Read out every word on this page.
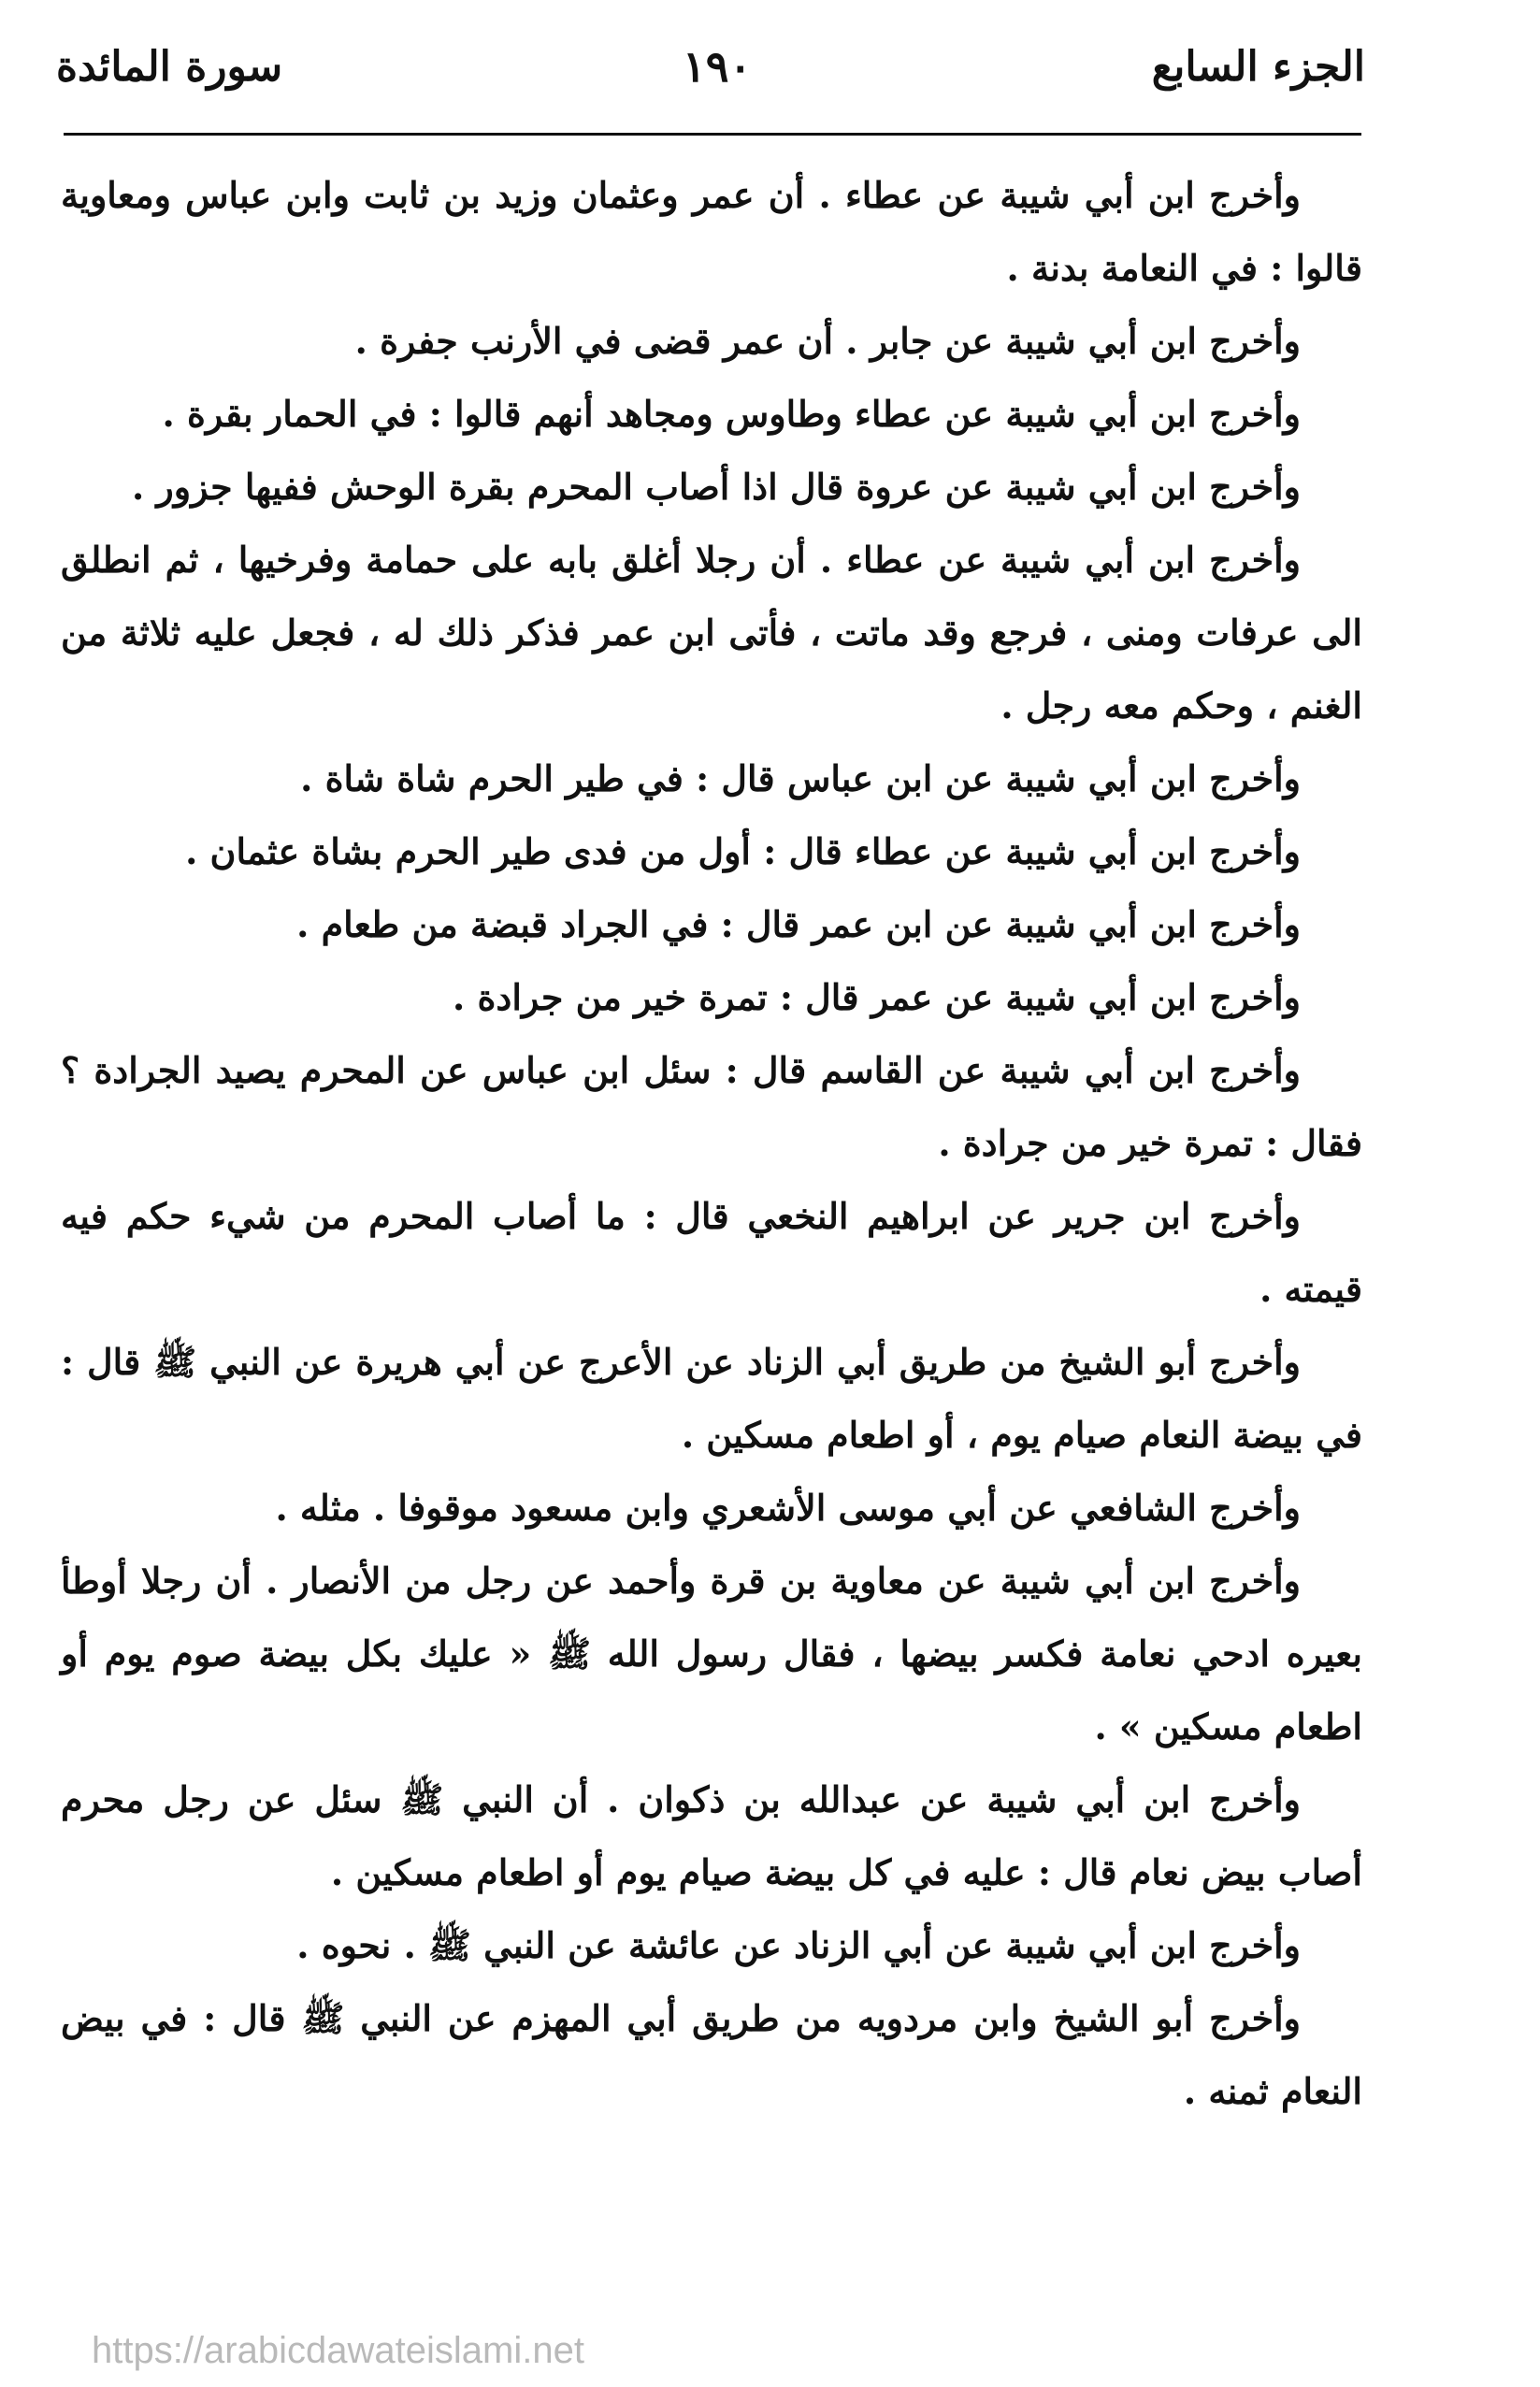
الجزء السابع
١٩٠
سورة المائدة

وأخرج ابن أبي شيبة عن عطاء . أن عمر وعثمان وزيد بن ثابت وابن عباس ومعاوية قالوا : في النعامة بدنة .

وأخرج ابن أبي شيبة عن جابر . أن عمر قضى في الأرنب جفرة .

وأخرج ابن أبي شيبة عن عطاء وطاوس ومجاهد أنهم قالوا : في الحمار بقرة .

وأخرج ابن أبي شيبة عن عروة قال اذا أصاب المحرم بقرة الوحش ففيها جزور .

وأخرج ابن أبي شيبة عن عطاء . أن رجلا أغلق بابه على حمامة وفرخيها ، ثم انطلق الى عرفات ومنى ، فرجع وقد ماتت ، فأتى ابن عمر فذكر ذلك له ، فجعل عليه ثلاثة من الغنم ، وحكم معه رجل .

وأخرج ابن أبي شيبة عن ابن عباس قال : في طير الحرم شاة شاة .

وأخرج ابن أبي شيبة عن عطاء قال : أول من فدى طير الحرم بشاة عثمان .

وأخرج ابن أبي شيبة عن ابن عمر قال : في الجراد قبضة من طعام .

وأخرج ابن أبي شيبة عن عمر قال : تمرة خير من جرادة .

وأخرج ابن أبي شيبة عن القاسم قال : سئل ابن عباس عن المحرم يصيد الجرادة ؟ فقال : تمرة خير من جرادة .

وأخرج ابن جرير عن ابراهيم النخعي قال : ما أصاب المحرم من شيء حكم فيه قيمته .

وأخرج أبو الشيخ من طريق أبي الزناد عن الأعرج عن أبي هريرة عن النبي ﷺ قال : في بيضة النعام صيام يوم ، أو اطعام مسكين .

وأخرج الشافعي عن أبي موسى الأشعري وابن مسعود موقوفا . مثله .

وأخرج ابن أبي شيبة عن معاوية بن قرة وأحمد عن رجل من الأنصار . أن رجلا أوطأ بعيره ادحي نعامة فكسر بيضها ، فقال رسول الله ﷺ « عليك بكل بيضة صوم يوم أو اطعام مسكين » .

وأخرج ابن أبي شيبة عن عبدالله بن ذكوان . أن النبي ﷺ سئل عن رجل محرم أصاب بيض نعام قال : عليه في كل بيضة صيام يوم أو اطعام مسكين .

وأخرج ابن أبي شيبة عن أبي الزناد عن عائشة عن النبي ﷺ . نحوه .

وأخرج أبو الشيخ وابن مردويه من طريق أبي المهزم عن النبي ﷺ قال : في بيض النعام ثمنه .

https://arabicdawateislami.net
